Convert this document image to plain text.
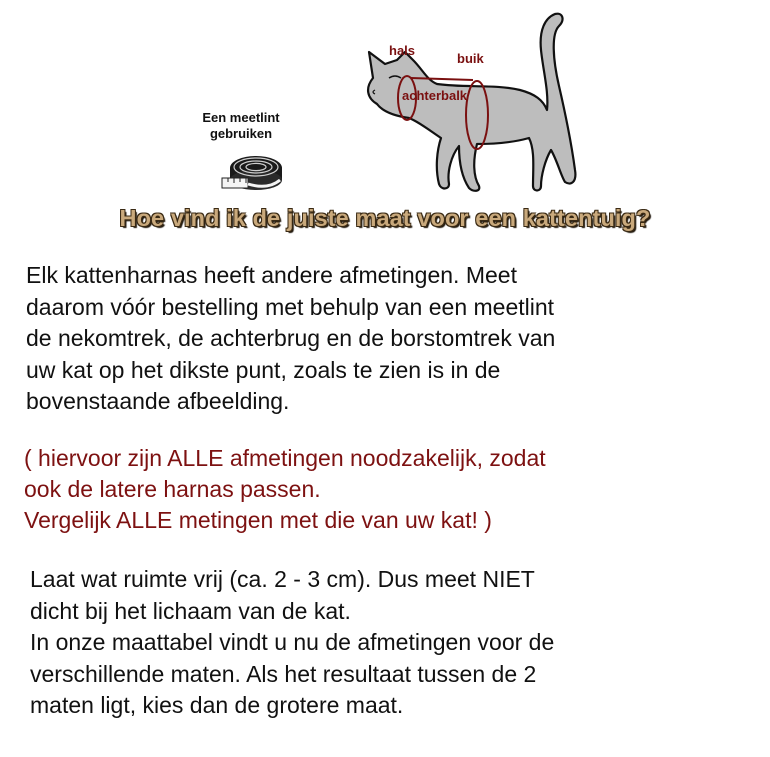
Een meetlint
gebruiken
hals
buik
achterbalk
Hoe vind ik de juiste maat voor een kattentuig?
Elk kattenharnas heeft andere afmetingen. Meet
daarom vóór bestelling met behulp van een meetlint
de nekomtrek, de achterbrug en de borstomtrek van
uw kat op het dikste punt, zoals te zien is in de
bovenstaande afbeelding.
( hiervoor zijn ALLE afmetingen noodzakelijk, zodat
ook de latere harnas passen.
Vergelijk ALLE metingen met die van uw kat! )
Laat wat ruimte vrij (ca. 2 - 3 cm). Dus meet NIET
dicht bij het lichaam van de kat.
In onze maattabel vindt u nu de afmetingen voor de
verschillende maten. Als het resultaat tussen de 2
maten ligt, kies dan de grotere maat.
